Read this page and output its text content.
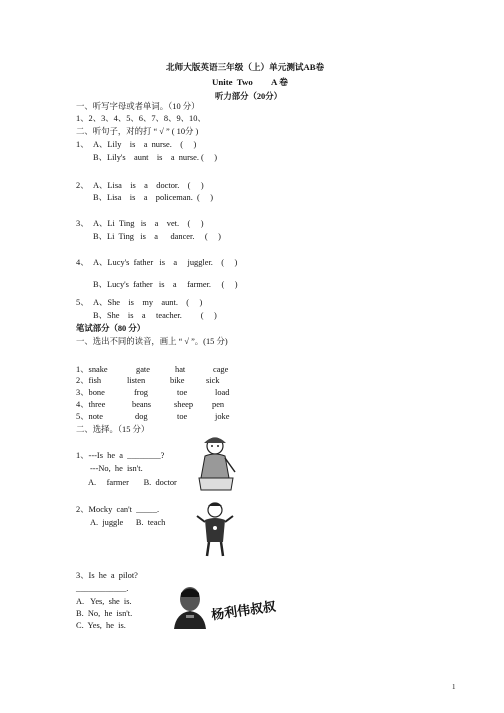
北师大版英语三年级（上）单元测试AB卷
Unite  Two A 卷
听力部分（20分）
一、听写字母或者单词。（10 分）
1、2、3、4、5、6、7、8、9、10、
二、听句子，对的打 “ √ ” ( 10分 )
1、 A、Lily    is    a  nurse.    (     )
B、Lily's    aunt    is    a  nurse. (     )
2、 A、Lisa    is    a    doctor.    (     )
B、Lisa    is    a    policeman.  (     )
3、 A、Li  Ting   is    a    vet.    (     )
B、Li  Ting   is    a      dancer.     (     )
4、 A、Lucy's  father   is    a     juggler.    (     )
B、Lucy's  father   is    a     farmer.     (     )
5、 A、She    is    my    aunt.    (     )
B、She    is    a     teacher.         (     )
笔试部分（80 分）
一、选出不同的读音，画上 “ √ ”。(15 分)
1、snake	gate	hat	cage
2、fish	listen	bike	sick
3、bone	frog	toe	load
4、three	beans	sheep pen
5、note	dog	toe	joke
二、选择。（15 分）
1、---Is  he  a  ________?
---No,  he  isn't.
A.     farmer       B.  doctor
2、Mocky  can't  _____.
A.  juggle      B.  teach
3、Is  he  a  pilot?
____________.
A.   Yes,  she  is.
B.  No,  he  isn't.
C.  Yes,  he  is.
杨利伟叔叔
1
